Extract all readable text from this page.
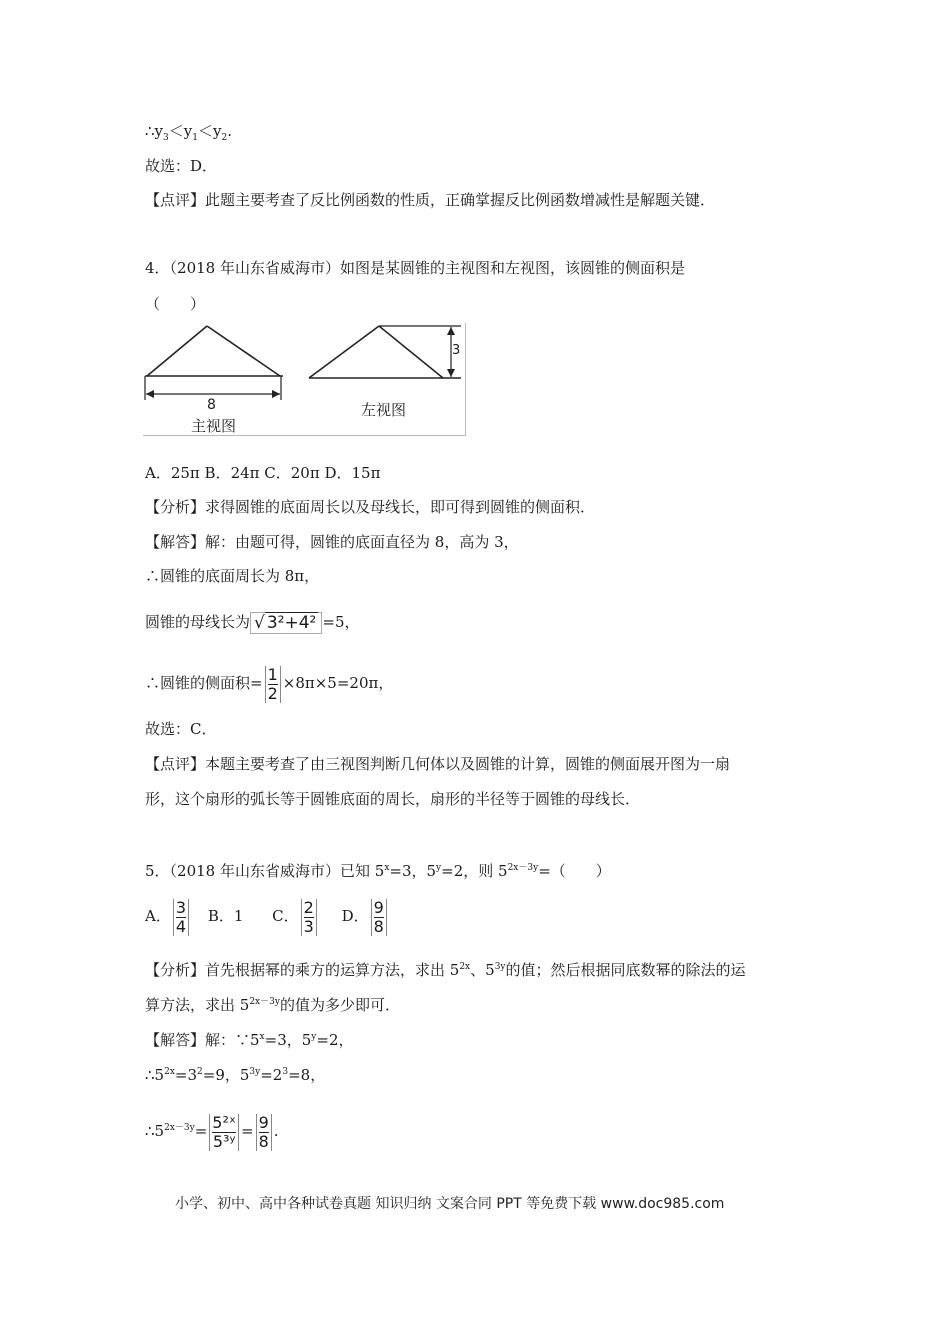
$\therefore y_3<y_1<y_2$.
故选：D．
【点评】此题主要考查了反比例函数的性质，正确掌握反比例函数增减性是解题关键．
4．（2018 年山东省威海市）如图是某圆锥的主视图和左视图，该圆锥的侧面积是
（　　）
8
主视图
3
左视图
A．25π B．24π C．20π D．15π
【分析】求得圆锥的底面周长以及母线长，即可得到圆锥的侧面积．
【解答】解：由题可得，圆锥的底面直径为 8，高为 3，
∴圆锥的底面周长为 8π，
圆锥的母线长为 √ 3²+4² =5，
∴圆锥的侧面积= $\frac{1}{2} \times 8\pi\times 5=20\pi$，
故选：C．
【点评】本题主要考查了由三视图判断几何体以及圆锥的计算，圆锥的侧面展开图为一扇
形，这个扇形的弧长等于圆锥底面的周长，扇形的半径等于圆锥的母线长．
5．（2018 年山东省威海市）已知 $5^x=3$，$5^y=2$，则 $5^{2x-3y}=$（　　）
A． $\frac{3}{4}$ B．1 C． $\frac{2}{3}$ D． $\frac{9}{8}$
【分析】首先根据幂的乘方的运算方法，求出 $5^{2x}$、$5^{3y}$的值；然后根据同底数幂的除法的运
算方法，求出 $5^{2x-3y}$的值为多少即可．
【解答】解：$\because 5^x=3$，$5^y=2$，
$\therefore 5^{2x}=3^2=9$，$5^{3y}=2^3=8$，
$\therefore 5^{2x-3y}= \frac{\text{5²ˣ}}{\text{5³ʸ}} = \frac{9}{8}$ .
小学、初中、高中各种试卷真题 知识归纳 文案合同 PPT 等免费下载 www.doc985.com
